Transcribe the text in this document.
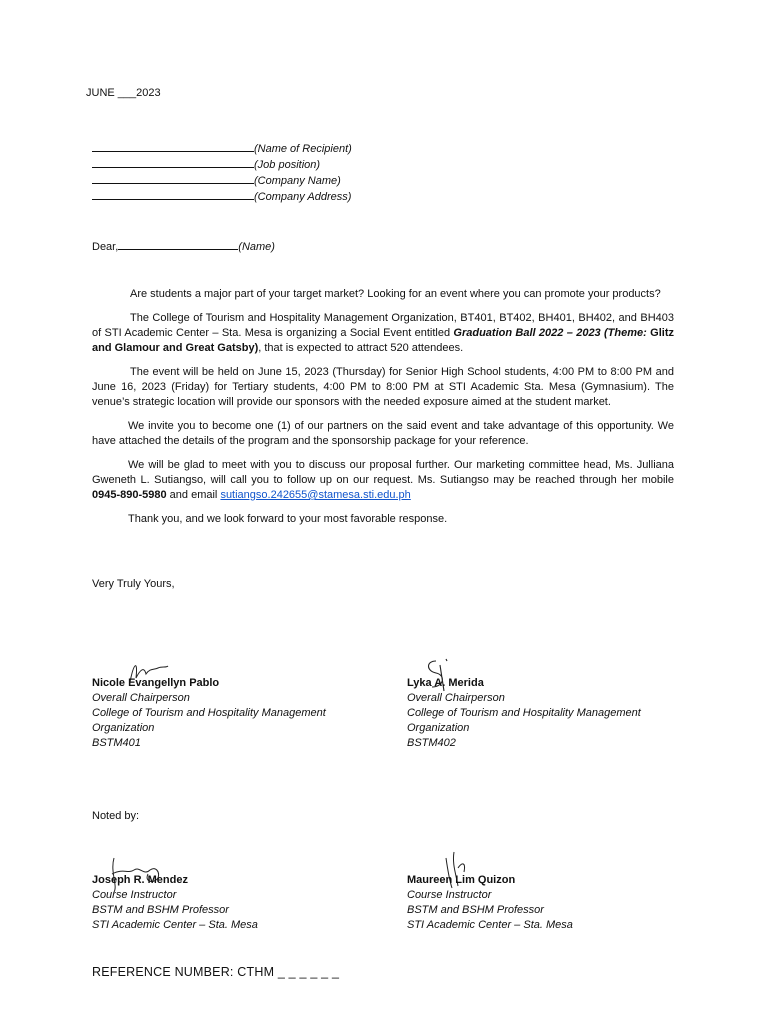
JUNE ___2023
(Name of Recipient)
(Job position)
(Company Name)
(Company Address)
Dear,	(Name)

Are students a major part of your target market? Looking for an event where you can promote your products?

The College of Tourism and Hospitality Management Organization, BT401, BT402, BH401, BH402, and BH403 of STI Academic Center – Sta. Mesa is organizing a Social Event entitled Graduation Ball 2022 – 2023 (Theme: Glitz and Glamour and Great Gatsby), that is expected to attract 520 attendees.

The event will be held on June 15, 2023 (Thursday) for Senior High School students, 4:00 PM to 8:00 PM and June 16, 2023 (Friday) for Tertiary students, 4:00 PM to 8:00 PM at STI Academic Sta. Mesa (Gymnasium). The venue’s strategic location will provide our sponsors with the needed exposure aimed at the student market.

We invite you to become one (1) of our partners on the said event and take advantage of this opportunity. We have attached the details of the program and the sponsorship package for your reference.

We will be glad to meet with you to discuss our proposal further. Our marketing committee head, Ms. Julliana Gweneth L. Sutiangso, will call you to follow up on our request. Ms. Sutiangso may be reached through her mobile 0945-890-5980 and email sutiangso.242655@stamesa.sti.edu.ph

Thank you, and we look forward to your most favorable response.

Very Truly Yours,
Nicole Evangellyn Pablo
Overall Chairperson
College of Tourism and Hospitality Management
Organization
BSTM401
Lyka A. Merida
Overall Chairperson
College of Tourism and Hospitality Management
Organization
BSTM402
Noted by:
Joseph R. Mendez
Course Instructor
BSTM and BSHM Professor
STI Academic Center – Sta. Mesa
Maureen Lim Quizon
Course Instructor
BSTM and BSHM Professor
STI Academic Center – Sta. Mesa
REFERENCE NUMBER: CTHM _ _ _ _ _ _
